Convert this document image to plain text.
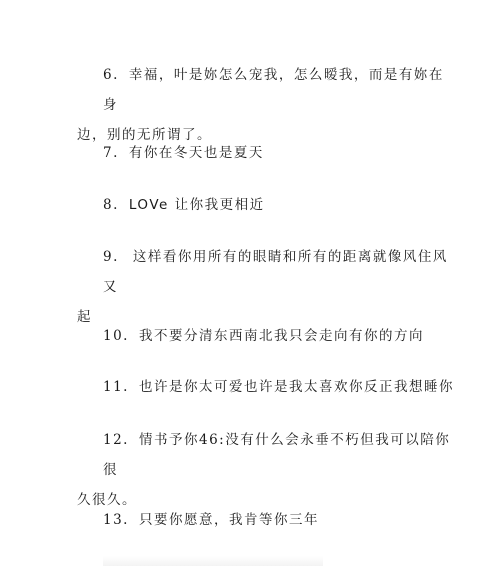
6. 幸福，叶是妳怎么宠我，怎么暧我，而是有妳在身
边，别的无所谓了。
7. 有你在冬天也是夏天
8. LOVe 让你我更相近
9. 这样看你用所有的眼睛和所有的距离就像风住风又
起
10. 我不要分清东西南北我只会走向有你的方向
11. 也许是你太可爱也许是我太喜欢你反正我想睡你
12. 情书予你46:没有什么会永垂不朽但我可以陪你很
久很久。
13. 只要你愿意，我肯等你三年
